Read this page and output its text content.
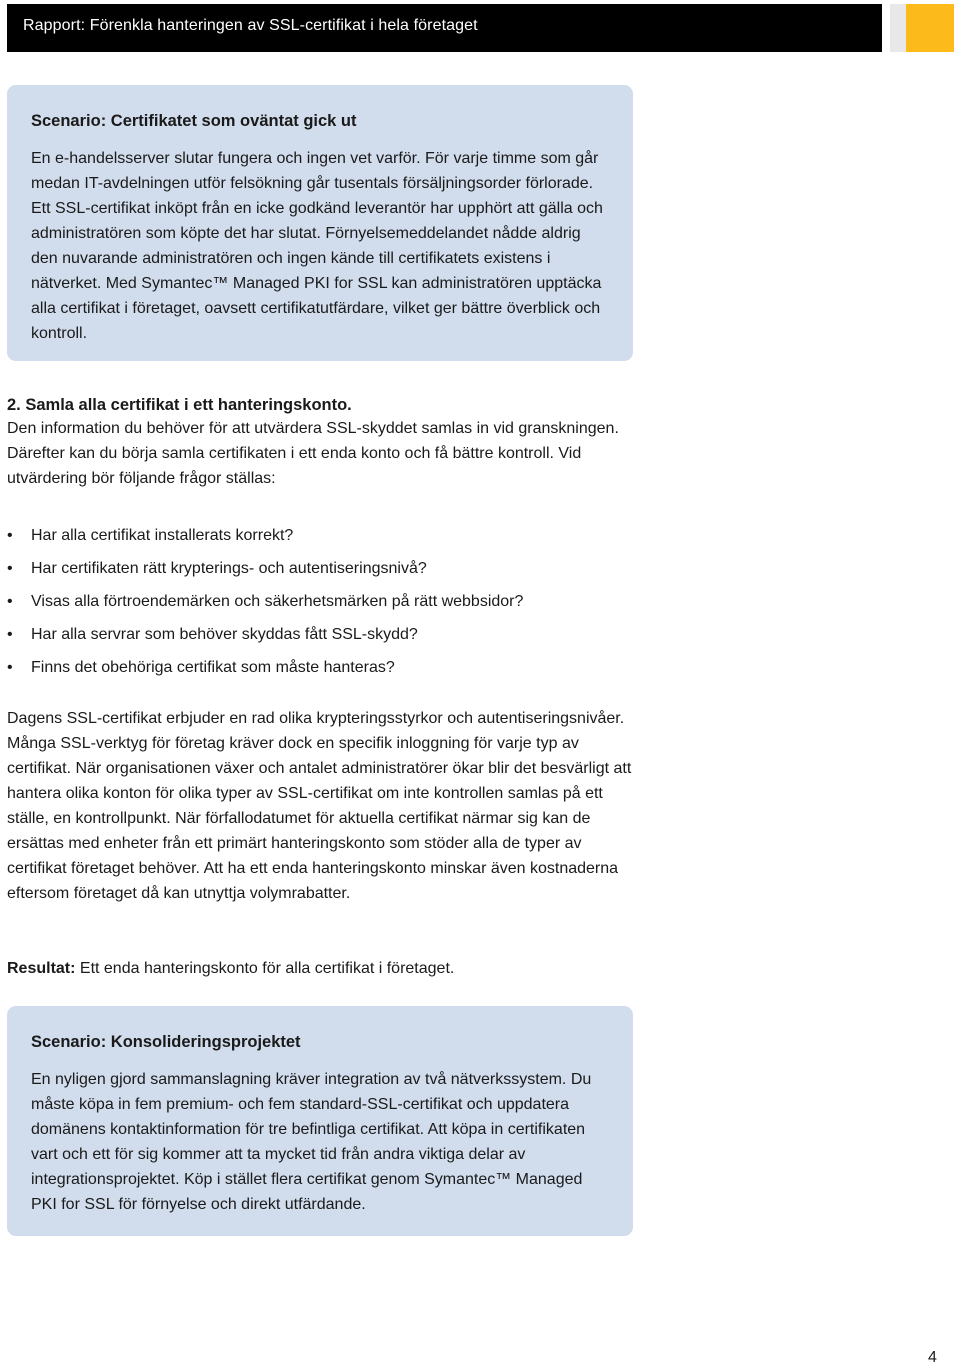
Rapport: Förenkla hanteringen av SSL-certifikat i hela företaget

Scenario: Certifikatet som oväntat gick ut

En e-handelsserver slutar fungera och ingen vet varför. För varje timme som går medan IT-avdelningen utför felsökning går tusentals försäljningsorder förlorade. Ett SSL-certifikat inköpt från en icke godkänd leverantör har upphört att gälla och administratören som köpte det har slutat. Förnyelsemeddelandet nådde aldrig den nuvarande administratören och ingen kände till certifikatets existens i nätverket. Med Symantec™ Managed PKI for SSL kan administratören upptäcka alla certifikat i företaget, oavsett certifikatutfärdare, vilket ger bättre överblick och kontroll.

2. Samla alla certifikat i ett hanteringskonto.

Den information du behöver för att utvärdera SSL-skyddet samlas in vid granskningen. Därefter kan du börja samla certifikaten i ett enda konto och få bättre kontroll. Vid utvärdering bör följande frågor ställas:

• Har alla certifikat installerats korrekt?
• Har certifikaten rätt krypterings- och autentiseringsnivå?
• Visas alla förtroendemärken och säkerhetsmärken på rätt webbsidor?
• Har alla servrar som behöver skyddas fått SSL-skydd?
• Finns det obehöriga certifikat som måste hanteras?

Dagens SSL-certifikat erbjuder en rad olika krypteringsstyrkor och autentiseringsnivåer. Många SSL-verktyg för företag kräver dock en specifik inloggning för varje typ av certifikat. När organisationen växer och antalet administratörer ökar blir det besvärligt att hantera olika konton för olika typer av SSL-certifikat om inte kontrollen samlas på ett ställe, en kontrollpunkt. När förfallodatumet för aktuella certifikat närmar sig kan de ersättas med enheter från ett primärt hanteringskonto som stöder alla de typer av certifikat företaget behöver. Att ha ett enda hanteringskonto minskar även kostnaderna eftersom företaget då kan utnyttja volymrabatter.

Resultat: Ett enda hanteringskonto för alla certifikat i företaget.

Scenario: Konsolideringsprojektet

En nyligen gjord sammanslagning kräver integration av två nätverkssystem. Du måste köpa in fem premium- och fem standard-SSL-certifikat och uppdatera domänens kontaktinformation för tre befintliga certifikat. Att köpa in certifikaten vart och ett för sig kommer att ta mycket tid från andra viktiga delar av integrationsprojektet. Köp i stället flera certifikat genom Symantec™ Managed PKI for SSL för förnyelse och direkt utfärdande.

4
